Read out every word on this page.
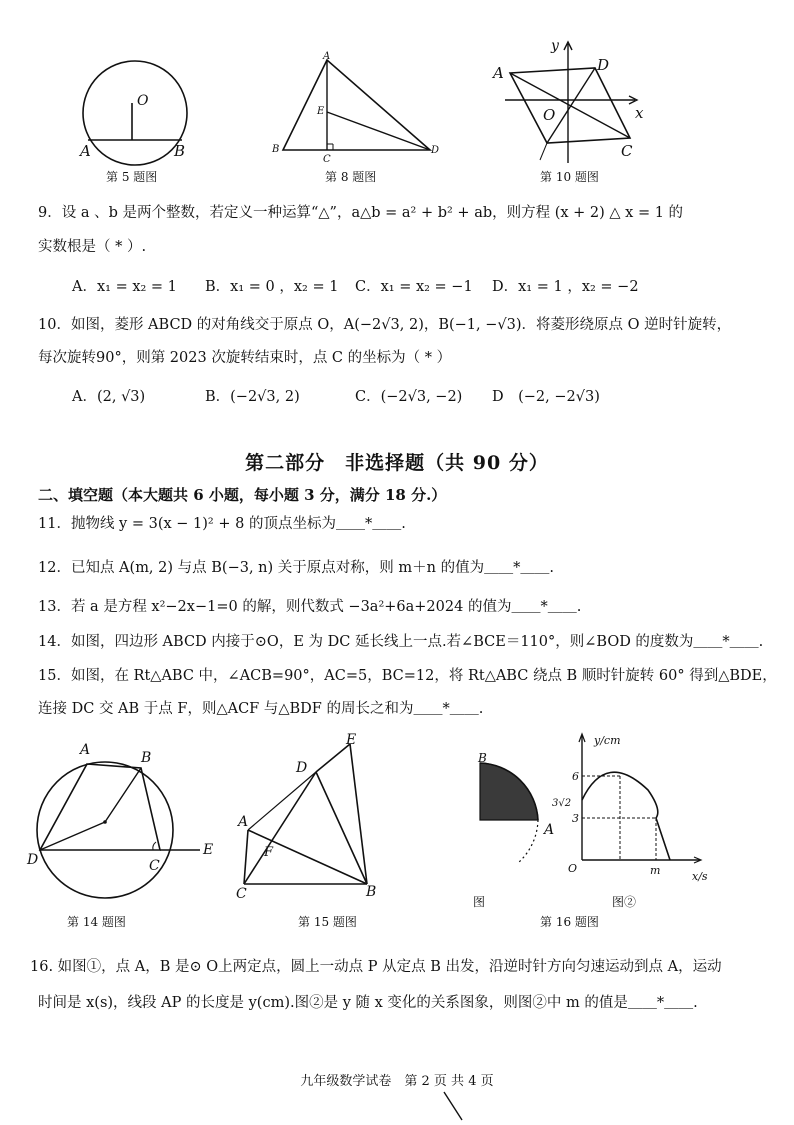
O
A	B
第 5 题图
A
E
B
C
D
第 8 题图
y
x
A	D
O
C
第 10 题图
9．设 a 、b 是两个整数，若定义一种运算“△”，a△b = a² + b² + ab，则方程 (x + 2) △ x = 1 的
实数根是（ * ）.
A．x₁ = x₂ = 1 B．x₁ = 0 ，x₂ = 1 C．x₁ = x₂ = −1 D．x₁ = 1 ，x₂ = −2
10．如图，菱形 ABCD 的对角线交于原点 O，A(−2√3, 2)，B(−1, −√3)．将菱形绕原点 O 逆时针旋转，
每次旋转90°，则第 2023 次旋转结束时，点 C 的坐标为（ * ）
A．(2, √3)	B．(−2√3, 2)	C．(−2√3, −2) D　(−2, −2√3)
第二部分　非选择题（共 90 分）
二、填空题（本大题共 6 小题，每小题 3 分，满分 18 分.）
11．抛物线 y = 3(x − 1)² + 8 的顶点坐标为＿＿*＿＿.
12．已知点 A(m, 2) 与点 B(−3, n) 关于原点对称，则 m＋n 的值为＿＿*＿＿.
13．若 a 是方程 x²−2x−1=0 的解，则代数式 −3a²+6a+2024 的值为＿＿*＿＿.
14．如图，四边形 ABCD 内接于⊙O，E 为 DC 延长线上一点.若∠BCE＝110°，则∠BOD 的度数为＿＿*＿＿.
15．如图，在 Rt△ABC 中，∠ACB=90°，AC=5，BC=12，将 Rt△ABC 绕点 B 顺时针旋转 60° 得到△BDE，
连接 DC 交 AB 于点 F，则△ACF 与△BDF 的周长之和为＿＿*＿＿.
A	B
C
D
E
第 14 题图
A
B
C
D
E
F
第 15 题图
B
A
图
y/cm
x/s
O
6
3
3√2
m
图②
第 16 题图
16. 如图①，点 A，B 是⊙ O上两定点，圆上一动点 P 从定点 B 出发，沿逆时针方向匀速运动到点 A，运动
时间是 x(s)，线段 AP 的长度是 y(cm).图②是 y 随 x 变化的关系图象，则图②中 m 的值是＿＿*＿＿.
九年级数学试卷　第 2 页 共 4 页
